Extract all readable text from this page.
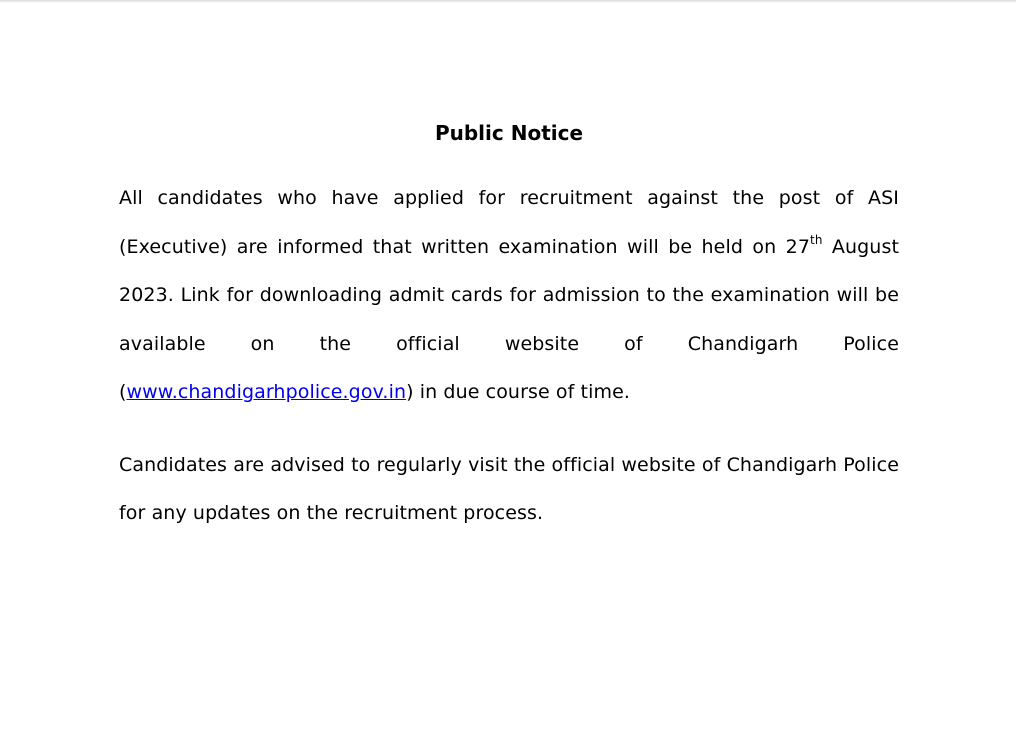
Public Notice

All candidates who have applied for recruitment against the post of ASI (Executive) are informed that written examination will be held on 27th August 2023. Link for downloading admit cards for admission to the examination will be available on the official website of Chandigarh Police (www.chandigarhpolice.gov.in) in due course of time.

Candidates are advised to regularly visit the official website of Chandigarh Police for any updates on the recruitment process.
